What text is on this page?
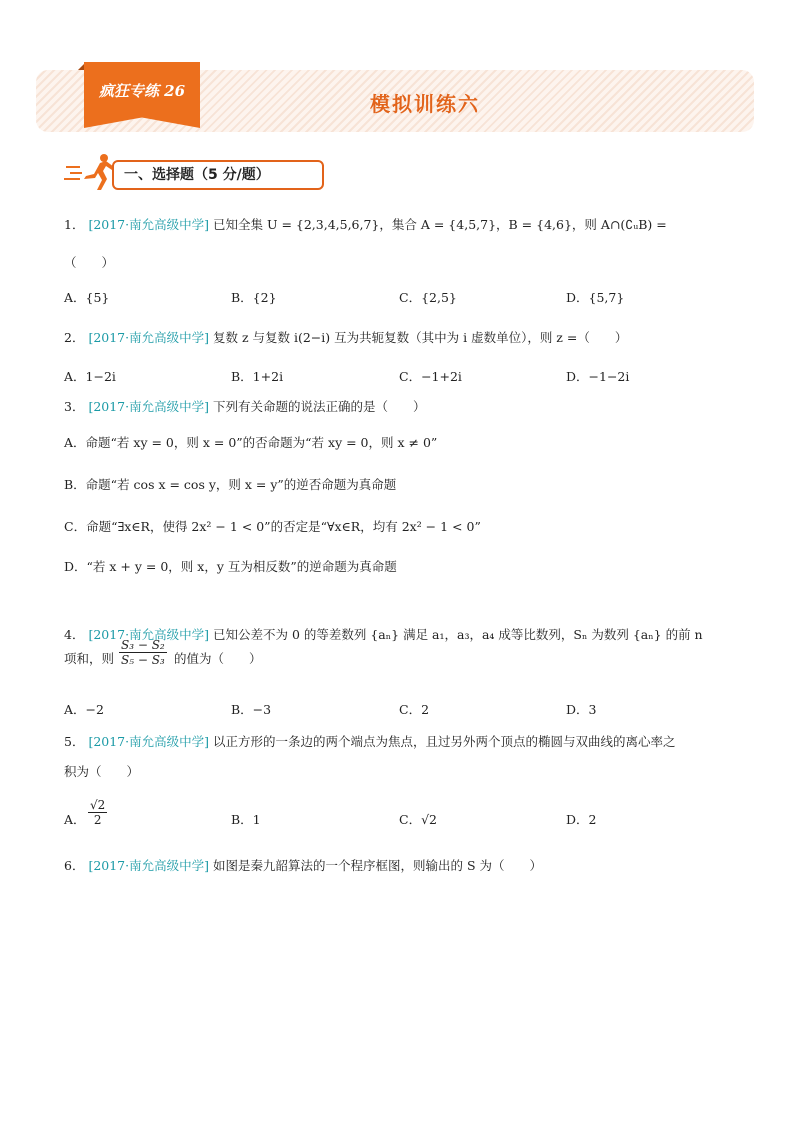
疯狂专练 26
模拟训练六
一、选择题（5 分/题）
1． [2017·南允高级中学] 已知全集 U = {2,3,4,5,6,7}，集合 A = {4,5,7}，B = {4,6}，则 A∩(∁ᵤB) =
（　　）
A．{5}	B．{2}	C．{2,5}	D．{5,7}
2． [2017·南允高级中学] 复数 z 与复数 i(2−i) 互为共轭复数（其中为 i 虚数单位），则 z =（　　）
A．1−2i	B．1+2i	C．−1+2i	D．−1−2i
3． [2017·南允高级中学] 下列有关命题的说法正确的是（　　）
A．命题“若 xy = 0，则 x = 0”的否命题为“若 xy = 0，则 x ≠ 0”
B．命题“若 cos x = cos y，则 x = y”的逆否命题为真命题
C．命题“∃x∈R，使得 2x² − 1 < 0”的否定是“∀x∈R，均有 2x² − 1 < 0”
D．“若 x + y = 0，则 x，y 互为相反数”的逆命题为真命题
4． [2017·南允高级中学] 已知公差不为 0 的等差数列 {aₙ} 满足 a₁，a₃，a₄ 成等比数列，Sₙ 为数列 {aₙ} 的前 n
项和，则	的值为（　　）
$\frac{\text{S₃ − S₂}}{\text{S₅ − S₃}}$
A．−2	B．−3	C．2	D．3
5． [2017·南允高级中学] 以正方形的一条边的两个端点为焦点，且过另外两个顶点的椭圆与双曲线的离心率之
积为（　　）
A． $\frac{√2}{2}$	B．1	C．√2	D．2
6． [2017·南允高级中学] 如图是秦九韶算法的一个程序框图，则输出的 S 为（　　）
